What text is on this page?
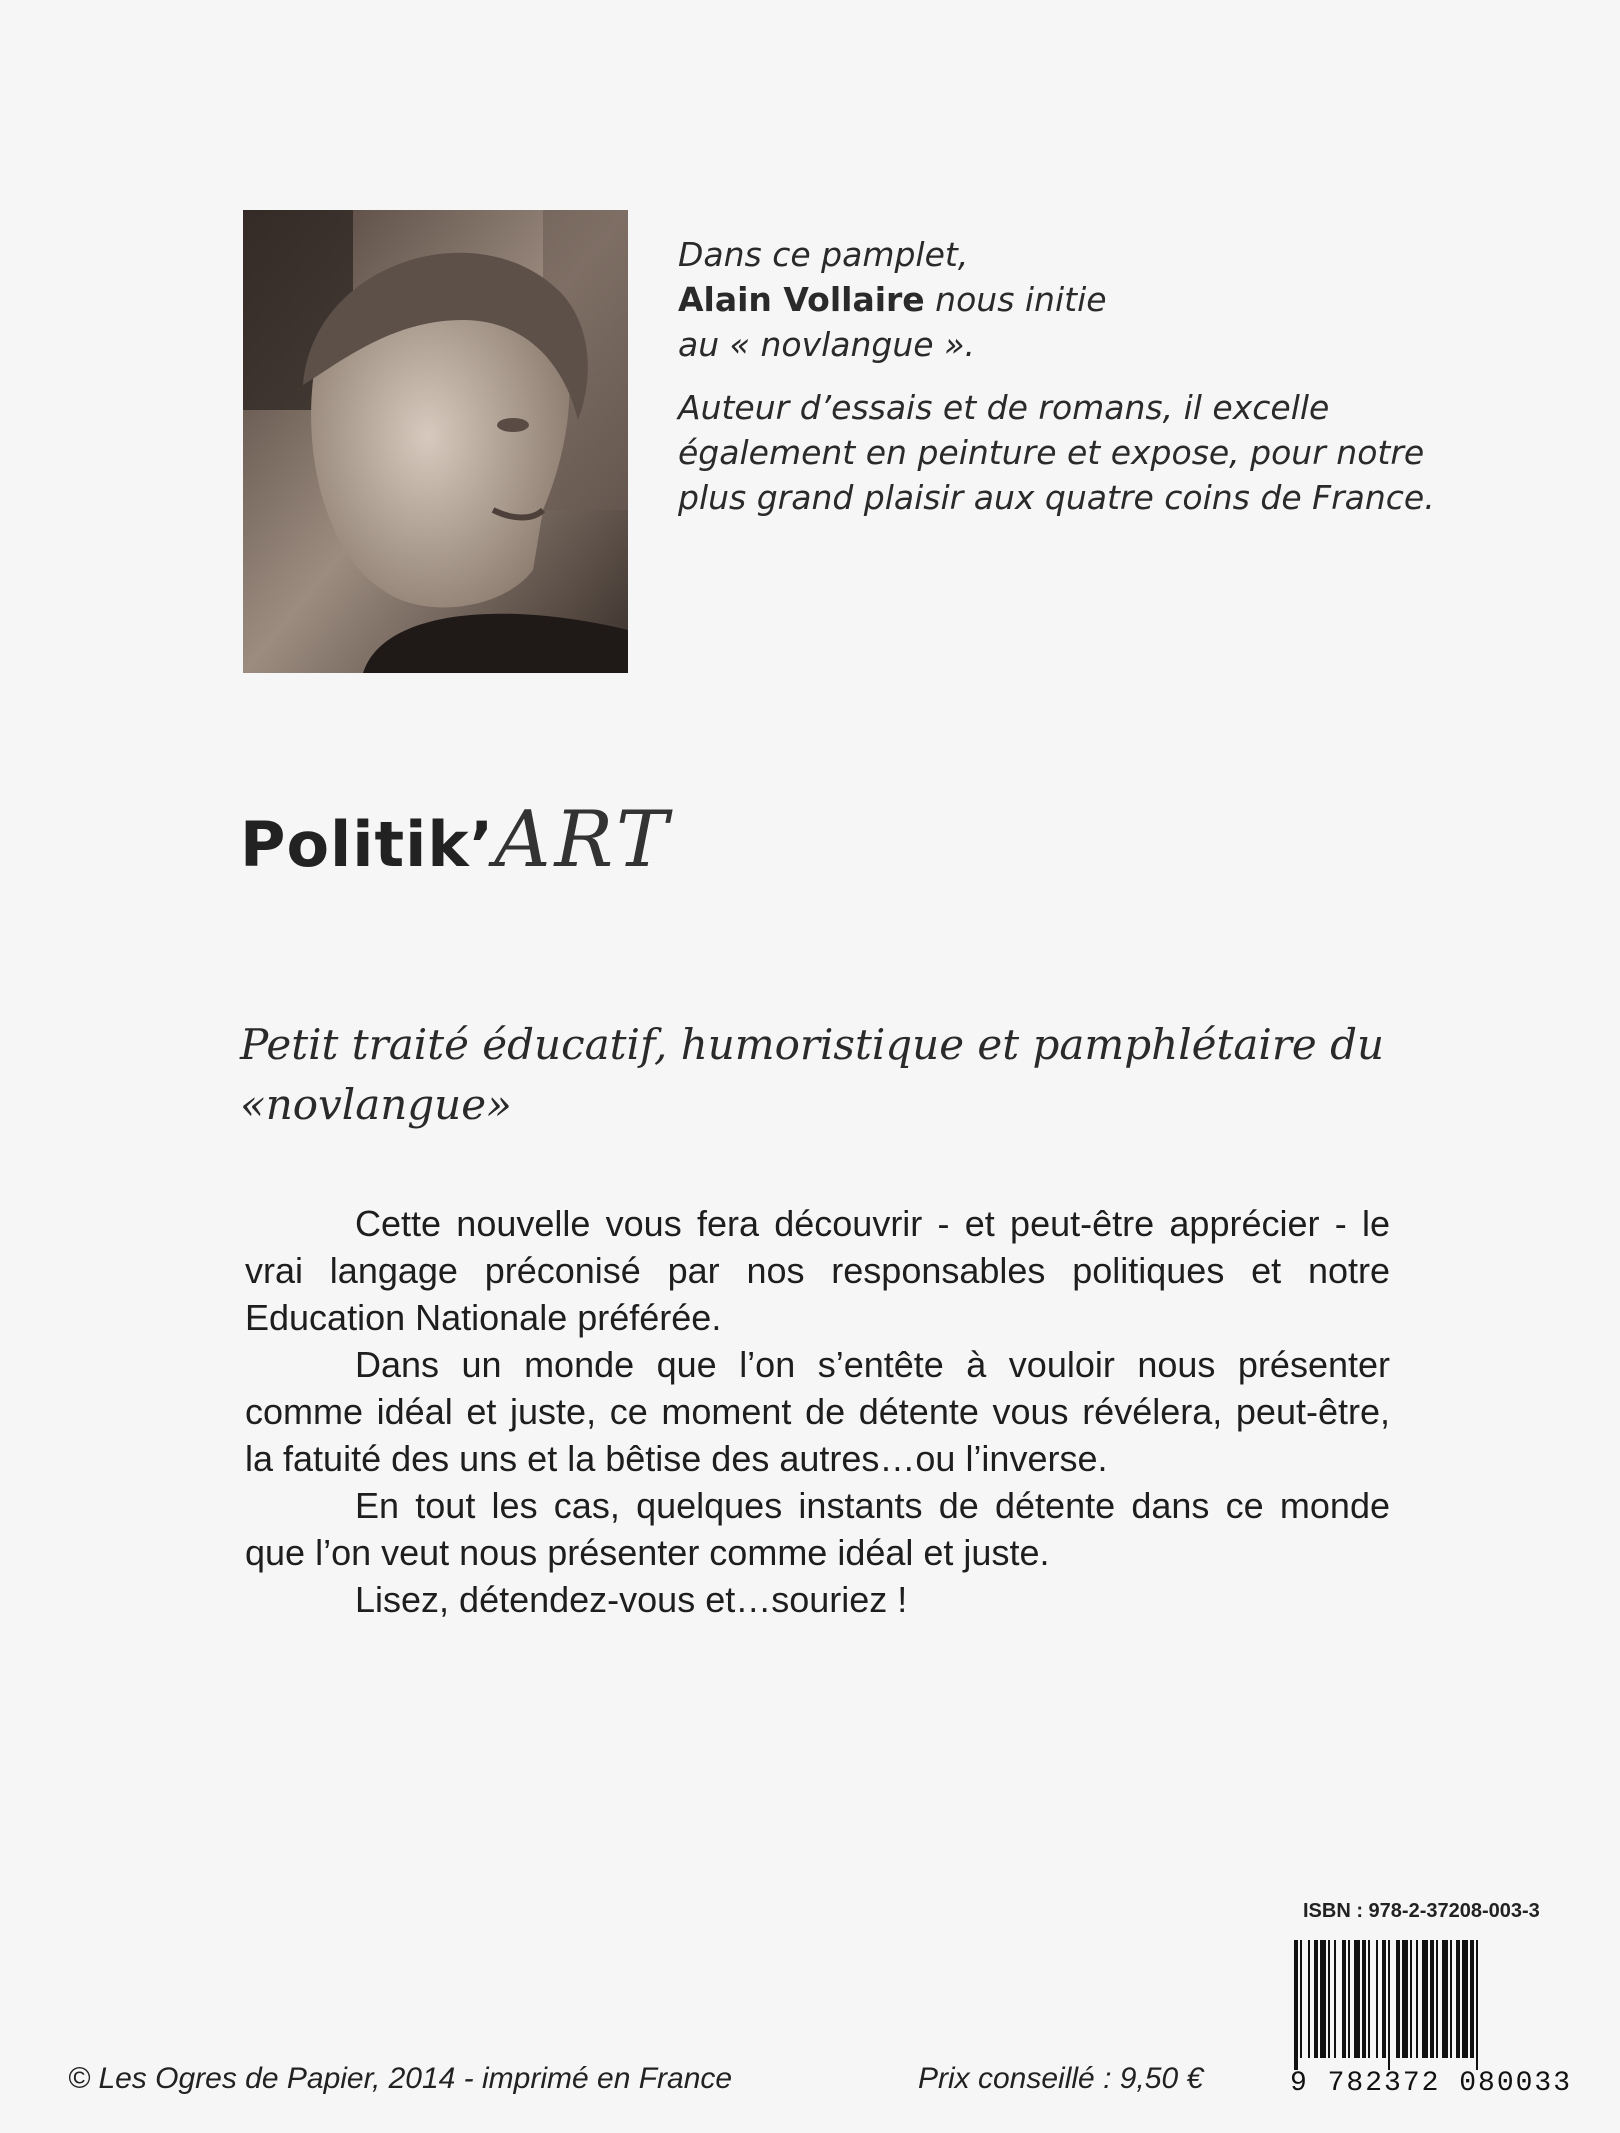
Dans ce pamplet,
Alain Vollaire nous initie
au « novlangue ».

Auteur d’essais et de romans, il excelle également en peinture et expose, pour notre plus grand plaisir aux quatre coins de France.

Politik’ ART
Petit traité éducatif, humoristique et pamphlétaire du «novlangue»

Cette nouvelle vous fera découvrir - et peut-être apprécier - le vrai langage préconisé par nos responsables politiques et notre Education Nationale préférée.

Dans un monde que l’on s’entête à vouloir nous présenter comme idéal et juste, ce moment de détente vous révélera, peut-être, la fatuité des uns et la bêtise des autres…ou l’inverse.

En tout les cas, quelques instants de détente dans ce monde que l’on veut nous présenter comme idéal et juste.

Lisez, détendez-vous et…souriez !

ISBN : 978-2-37208-003-3
9 782372 080033
© Les Ogres de Papier, 2014 - imprimé en France	Prix conseillé : 9,50 €
